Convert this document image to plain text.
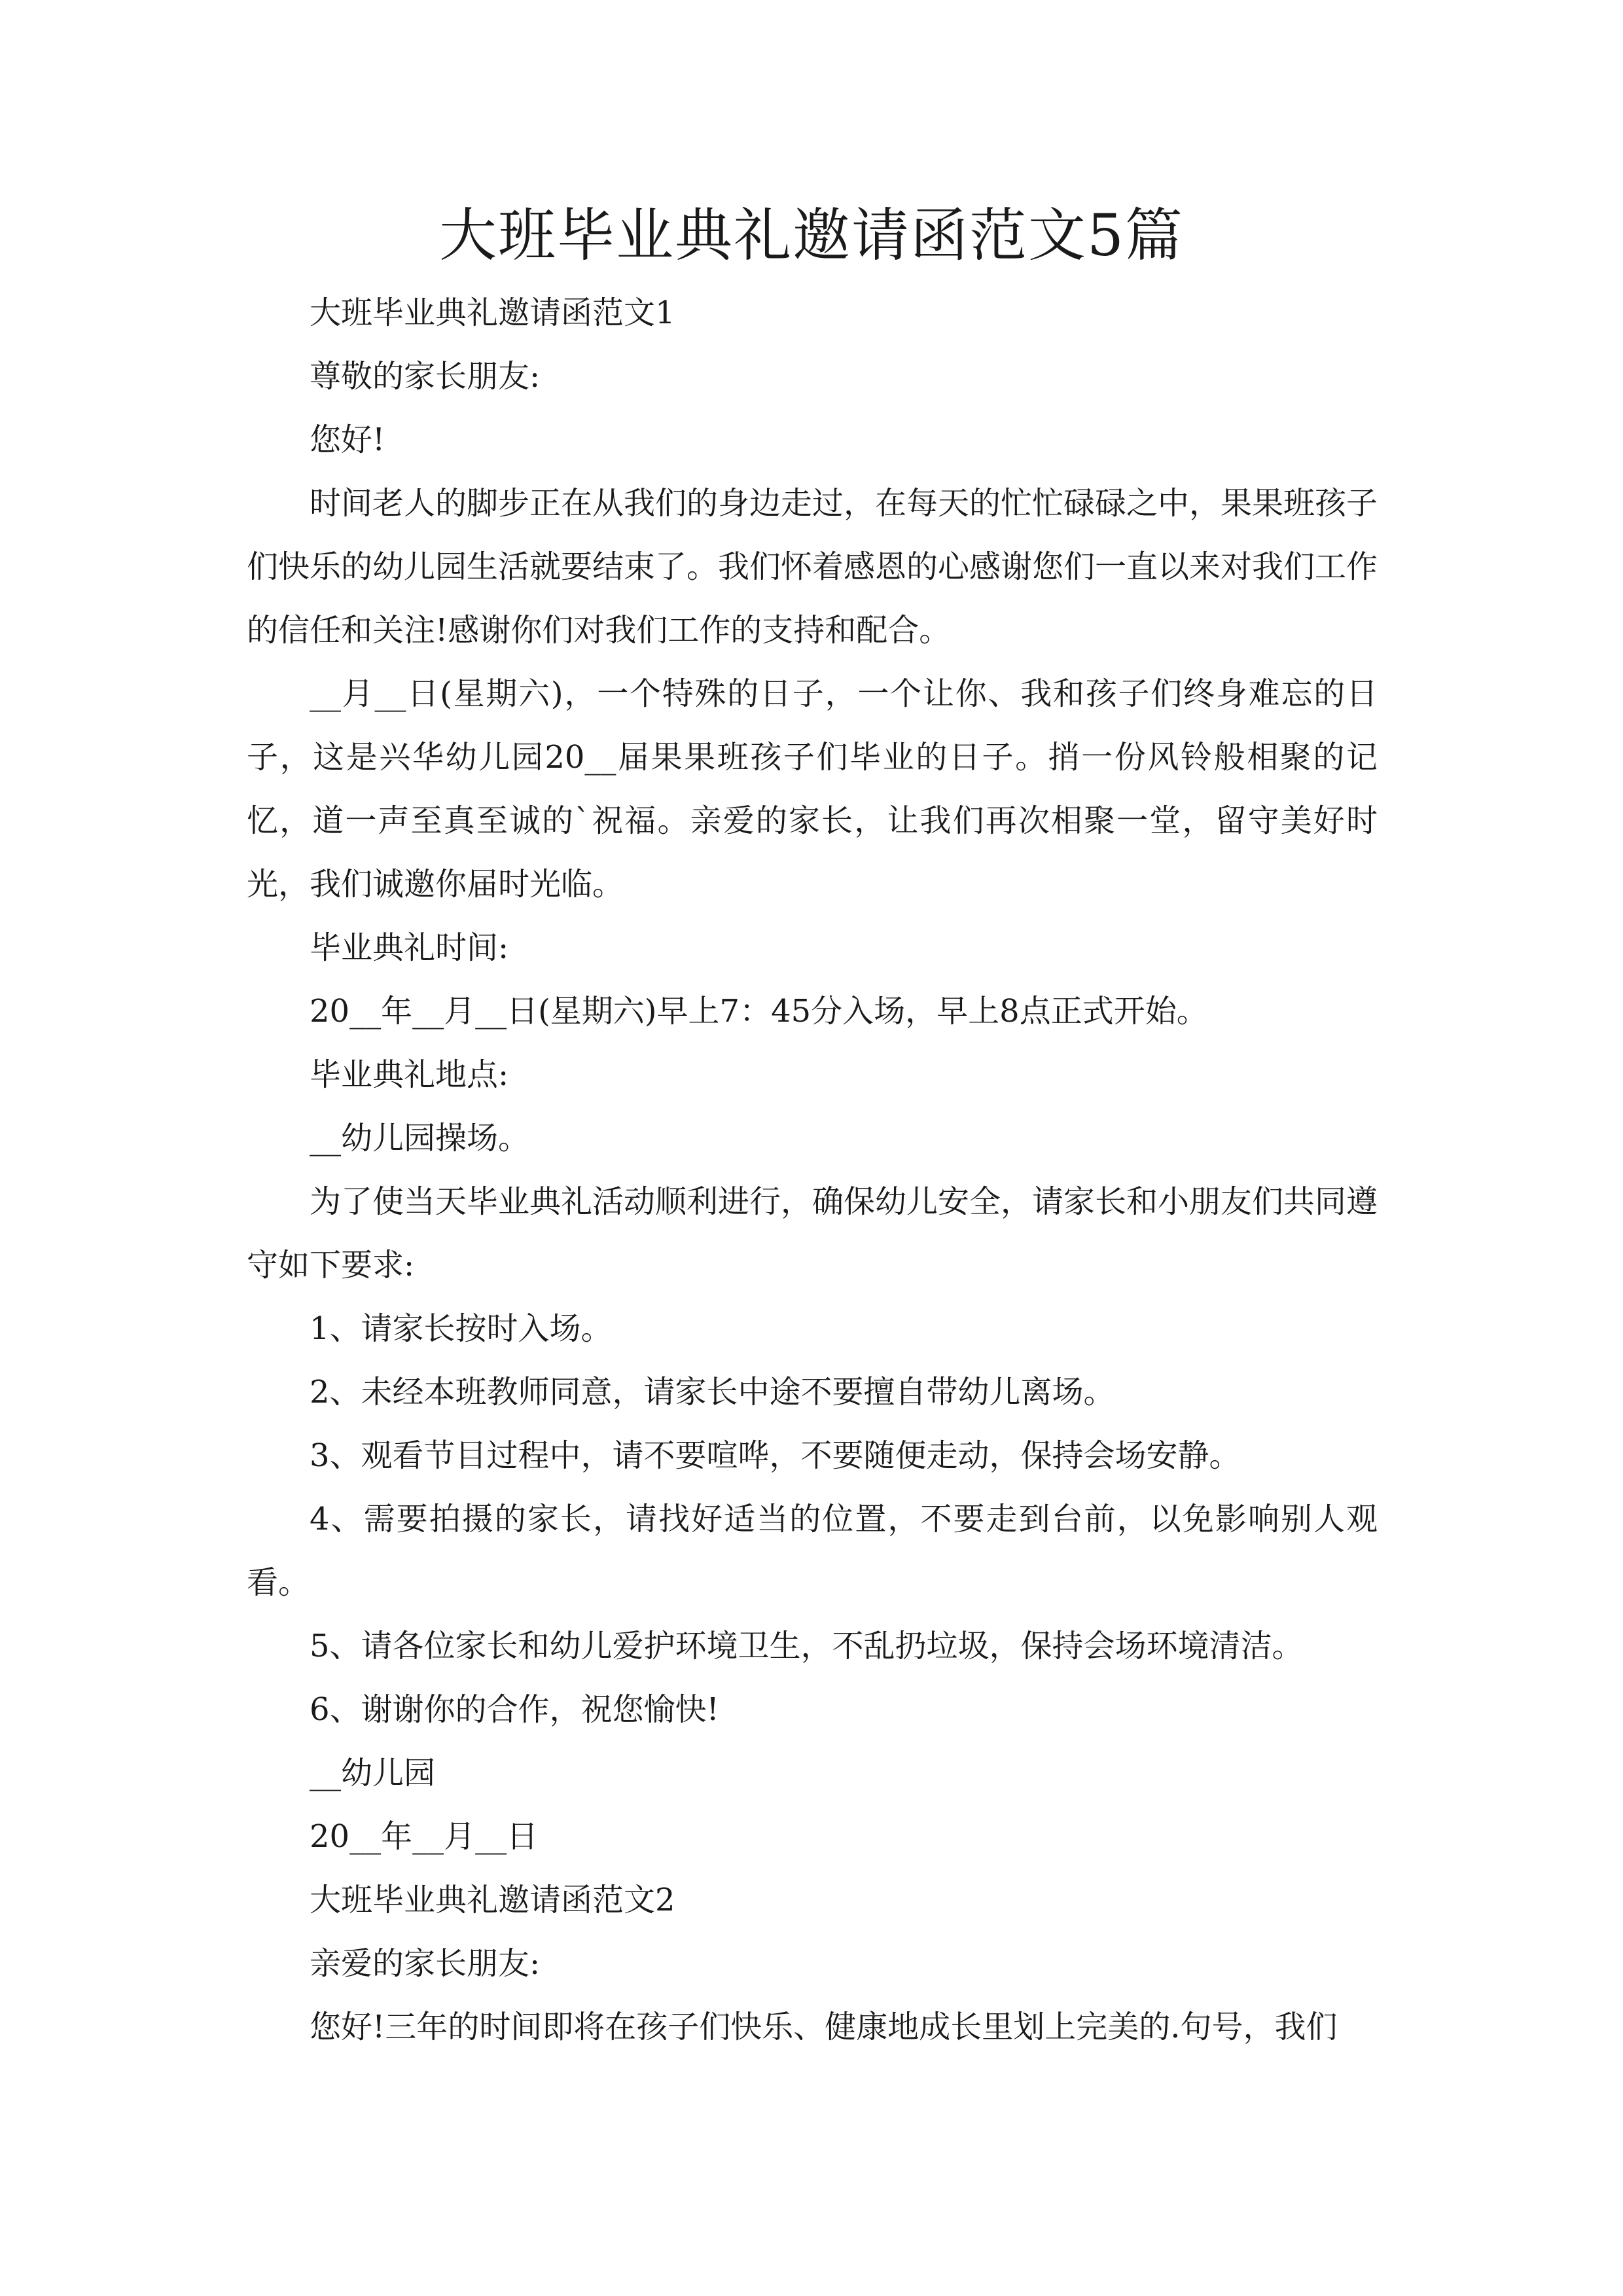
大班毕业典礼邀请函范文5篇

大班毕业典礼邀请函范文1

尊敬的家长朋友:

您好!

时间老人的脚步正在从我们的身边走过，在每天的忙忙碌碌之中，果果班孩子们快乐的幼儿园生活就要结束了。我们怀着感恩的心感谢您们一直以来对我们工作的信任和关注!感谢你们对我们工作的支持和配合。

__月__日(星期六)，一个特殊的日子，一个让你、我和孩子们终身难忘的日子，这是兴华幼儿园20__届果果班孩子们毕业的日子。捎一份风铃般相聚的记忆，道一声至真至诚的`祝福。亲爱的家长，让我们再次相聚一堂，留守美好时光，我们诚邀你届时光临。

毕业典礼时间:

20__年__月__日(星期六)早上7：45分入场，早上8点正式开始。

毕业典礼地点:

__幼儿园操场。

为了使当天毕业典礼活动顺利进行，确保幼儿安全，请家长和小朋友们共同遵守如下要求:

1、请家长按时入场。

2、未经本班教师同意，请家长中途不要擅自带幼儿离场。

3、观看节目过程中，请不要喧哗，不要随便走动，保持会场安静。

4、需要拍摄的家长，请找好适当的位置，不要走到台前，以免影响别人观看。

5、请各位家长和幼儿爱护环境卫生，不乱扔垃圾，保持会场环境清洁。

6、谢谢你的合作，祝您愉快!

__幼儿园

20__年__月__日

大班毕业典礼邀请函范文2

亲爱的家长朋友:

您好!三年的时间即将在孩子们快乐、健康地成长里划上完美的.句号，我们
